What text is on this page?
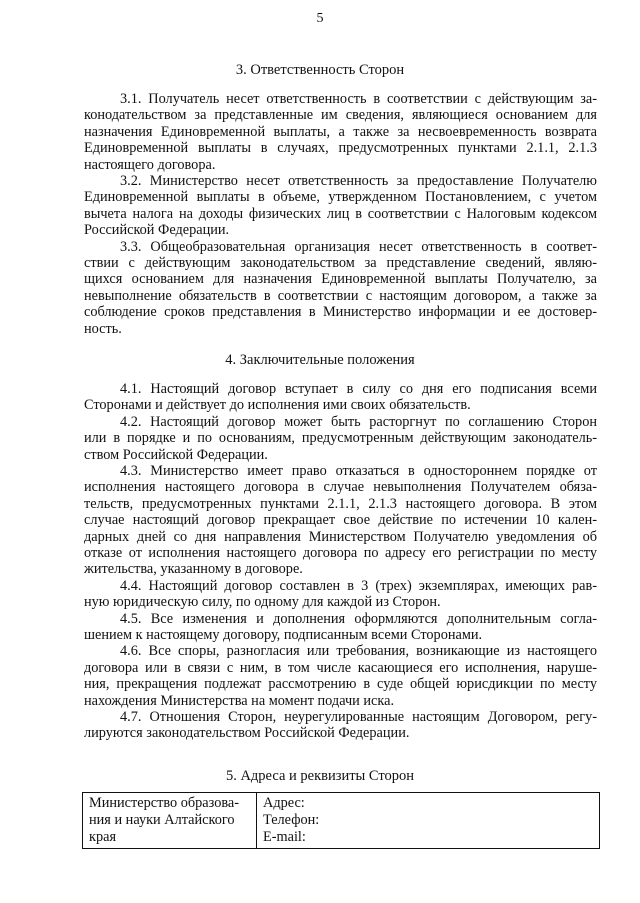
5
3. Ответственность Сторон
3.1. Получатель несет ответственность в соответствии с действующим за-
конодательством за представленные им сведения, являющиеся основанием для
назначения Единовременной выплаты, а также за несвоевременность возврата
Единовременной выплаты в случаях, предусмотренных пунктами 2.1.1, 2.1.3
настоящего договора.
3.2. Министерство несет ответственность за предоставление Получателю
Единовременной выплаты в объеме, утвержденном Постановлением, с учетом
вычета налога на доходы физических лиц в соответствии с Налоговым кодексом
Российской Федерации.
3.3. Общеобразовательная организация несет ответственность в соответ-
ствии с действующим законодательством за представление сведений, являю-
щихся основанием для назначения Единовременной выплаты Получателю, за
невыполнение обязательств в соответствии с настоящим договором, а также за
соблюдение сроков представления в Министерство информации и ее достовер-
ность.
4. Заключительные положения
4.1. Настоящий договор вступает в силу со дня его подписания всеми
Сторонами и действует до исполнения ими своих обязательств.
4.2. Настоящий договор может быть расторгнут по соглашению Сторон
или в порядке и по основаниям, предусмотренным действующим законодатель-
ством Российской Федерации.
4.3. Министерство имеет право отказаться в одностороннем порядке от
исполнения настоящего договора в случае невыполнения Получателем обяза-
тельств, предусмотренных пунктами 2.1.1, 2.1.3 настоящего договора. В этом
случае настоящий договор прекращает свое действие по истечении 10 кален-
дарных дней со дня направления Министерством Получателю уведомления об
отказе от исполнения настоящего договора по адресу его регистрации по месту
жительства, указанному в договоре.
4.4. Настоящий договор составлен в 3 (трех) экземплярах, имеющих рав-
ную юридическую силу, по одному для каждой из Сторон.
4.5. Все изменения и дополнения оформляются дополнительным согла-
шением к настоящему договору, подписанным всеми Сторонами.
4.6. Все споры, разногласия или требования, возникающие из настоящего
договора или в связи с ним, в том числе касающиеся его исполнения, наруше-
ния, прекращения подлежат рассмотрению в суде общей юрисдикции по месту
нахождения Министерства на момент подачи иска.
4.7. Отношения Сторон, неурегулированные настоящим Договором, регу-
лируются законодательством Российской Федерации.
5. Адреса и реквизиты Сторон
Министерство образова-
ния и науки Алтайского
края

Адрес:
Телефон:
E-mail:
